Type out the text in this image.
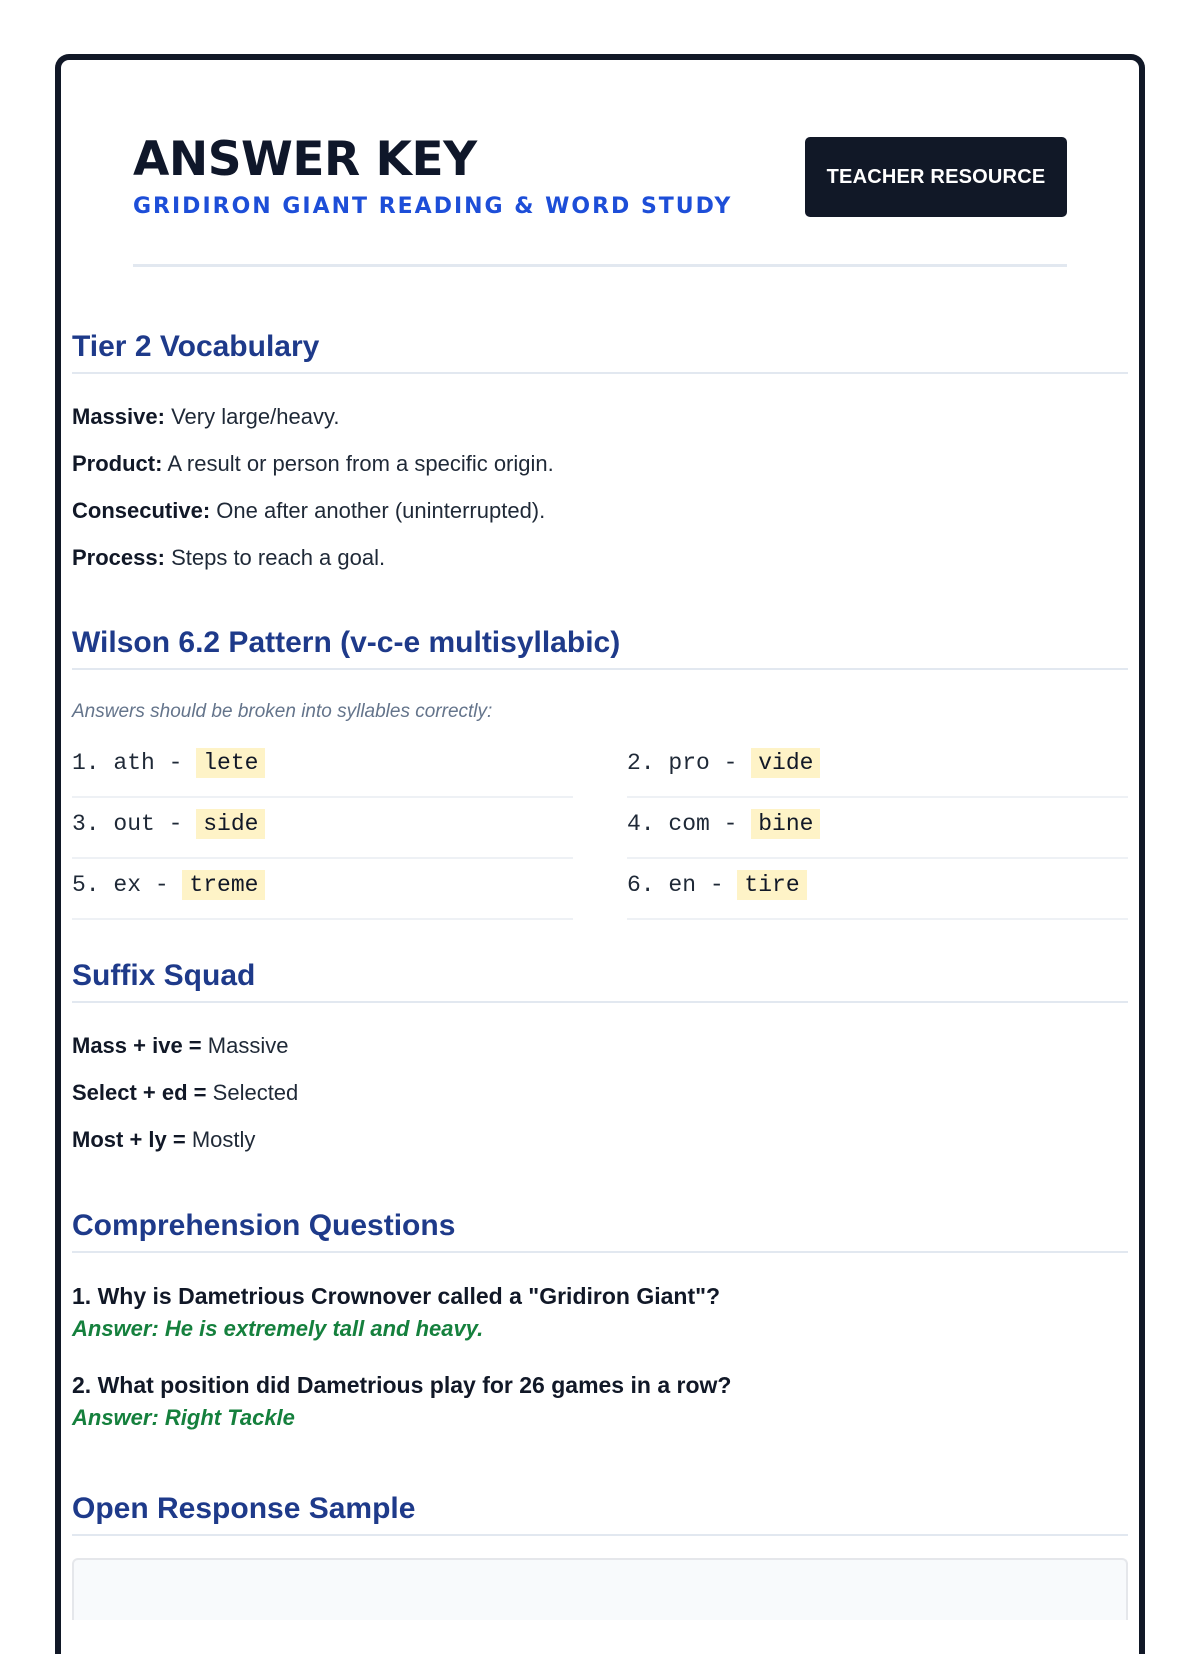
ANSWER KEY
GRIDIRON GIANT READING & WORD STUDY
TEACHER RESOURCE
Tier 2 Vocabulary
Massive: Very large/heavy.
Product: A result or person from a specific origin.
Consecutive: One after another (uninterrupted).
Process: Steps to reach a goal.
Wilson 6.2 Pattern (v-c-e multisyllabic)
Answers should be broken into syllables correctly:
1. ath - lete	2. pro - vide
3. out - side	4. com - bine
5. ex - treme	6. en - tire
Suffix Squad
Mass + ive = Massive
Select + ed = Selected
Most + ly = Mostly
Comprehension Questions
1. Why is Dametrious Crownover called a "Gridiron Giant"?
Answer: He is extremely tall and heavy.
2. What position did Dametrious play for 26 games in a row?
Answer: Right Tackle
Open Response Sample
